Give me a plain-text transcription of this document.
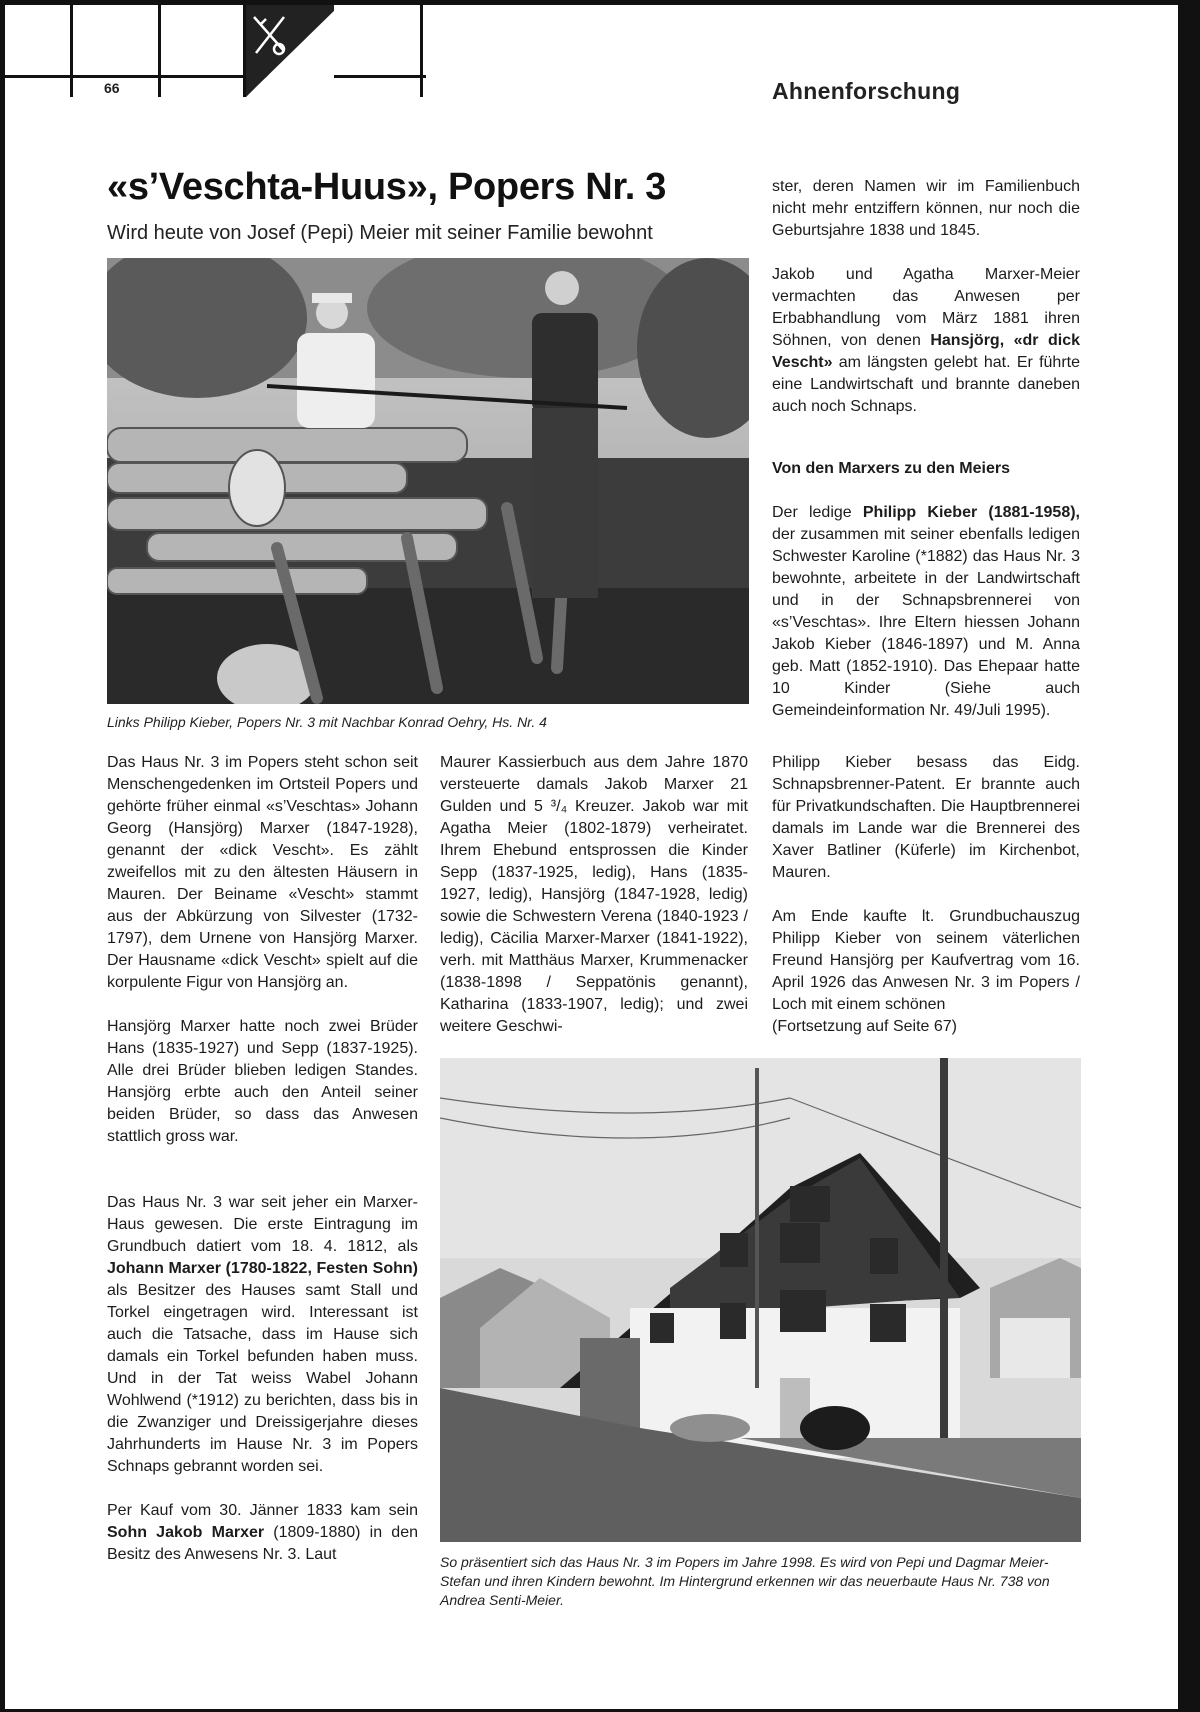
66	Ahnenforschung
«s’Veschta-Huus», Popers Nr. 3
Wird heute von Josef (Pepi) Meier mit seiner Familie bewohnt
Links Philipp Kieber, Popers Nr. 3 mit Nachbar Konrad Oehry, Hs. Nr. 4

ster, deren Namen wir im Familienbuch nicht mehr entziffern können, nur noch die Geburtsjahre 1838 und 1845.

Jakob und Agatha Marxer-Meier vermachten das Anwesen per Erbabhandlung vom März 1881 ihren Söhnen, von denen Hansjörg, «dr dick Vescht» am längsten gelebt hat. Er führte eine Landwirtschaft und brannte daneben auch noch Schnaps.

Von den Marxers zu den Meiers

Der ledige Philipp Kieber (1881-1958), der zusammen mit seiner ebenfalls ledigen Schwester Karoline (*1882) das Haus Nr. 3 bewohnte, arbeitete in der Landwirtschaft und in der Schnapsbrennerei von «s’Veschtas». Ihre Eltern hiessen Johann Jakob Kieber (1846-1897) und M. Anna geb. Matt (1852-1910). Das Ehepaar hatte 10 Kinder (Siehe auch Gemeindeinformation Nr. 49/Juli 1995).

Das Haus Nr. 3 im Popers steht schon seit Menschengedenken im Ortsteil Popers und gehörte früher einmal «s’Veschtas» Johann Georg (Hansjörg) Marxer (1847-1928), genannt der «dick Vescht». Es zählt zweifellos mit zu den ältesten Häusern in Mauren. Der Beiname «Vescht» stammt aus der Abkürzung von Silvester (1732-1797), dem Urnene von Hansjörg Marxer. Der Hausname «dick Vescht» spielt auf die korpulente Figur von Hansjörg an.

Hansjörg Marxer hatte noch zwei Brüder Hans (1835-1927) und Sepp (1837-1925). Alle drei Brüder blieben ledigen Standes. Hansjörg erbte auch den Anteil seiner beiden Brüder, so dass das Anwesen stattlich gross war.

Das Haus Nr. 3 war seit jeher ein Marxer-Haus gewesen. Die erste Eintragung im Grundbuch datiert vom 18. 4. 1812, als Johann Marxer (1780-1822, Festen Sohn) als Besitzer des Hauses samt Stall und Torkel eingetragen wird. Interessant ist auch die Tatsache, dass im Hause sich damals ein Torkel befunden haben muss. Und in der Tat weiss Wabel Johann Wohlwend (*1912) zu berichten, dass bis in die Zwanziger und Dreissigerjahre dieses Jahrhunderts im Hause Nr. 3 im Popers Schnaps gebrannt worden sei.

Per Kauf vom 30. Jänner 1833 kam sein Sohn Jakob Marxer (1809-1880) in den Besitz des Anwesens Nr. 3. Laut

Maurer Kassierbuch aus dem Jahre 1870 versteuerte damals Jakob Marxer 21 Gulden und 5 ³/₄ Kreuzer. Jakob war mit Agatha Meier (1802-1879) verheiratet. Ihrem Ehebund entsprossen die Kinder Sepp (1837-1925, ledig), Hans (1835-1927, ledig), Hansjörg (1847-1928, ledig) sowie die Schwestern Verena (1840-1923 / ledig), Cäcilia Marxer-Marxer (1841-1922), verh. mit Matthäus Marxer, Krummenacker (1838-1898 / Seppatönis genannt), Katharina (1833-1907, ledig); und zwei weitere Geschwi-

Philipp Kieber besass das Eidg. Schnapsbrenner-Patent. Er brannte auch für Privatkundschaften. Die Hauptbrennerei damals im Lande war die Brennerei des Xaver Batliner (Küferle) im Kirchenbot, Mauren.

Am Ende kaufte lt. Grundbuchauszug Philipp Kieber von seinem väterlichen Freund Hansjörg per Kaufvertrag vom 16. April 1926 das Anwesen Nr. 3 im Popers / Loch mit einem schönen

(Fortsetzung auf Seite 67)

So präsentiert sich das Haus Nr. 3 im Popers im Jahre 1998. Es wird von Pepi und Dagmar Meier-Stefan und ihren Kindern bewohnt. Im Hintergrund erkennen wir das neuerbaute Haus Nr. 738 von Andrea Senti-Meier.
